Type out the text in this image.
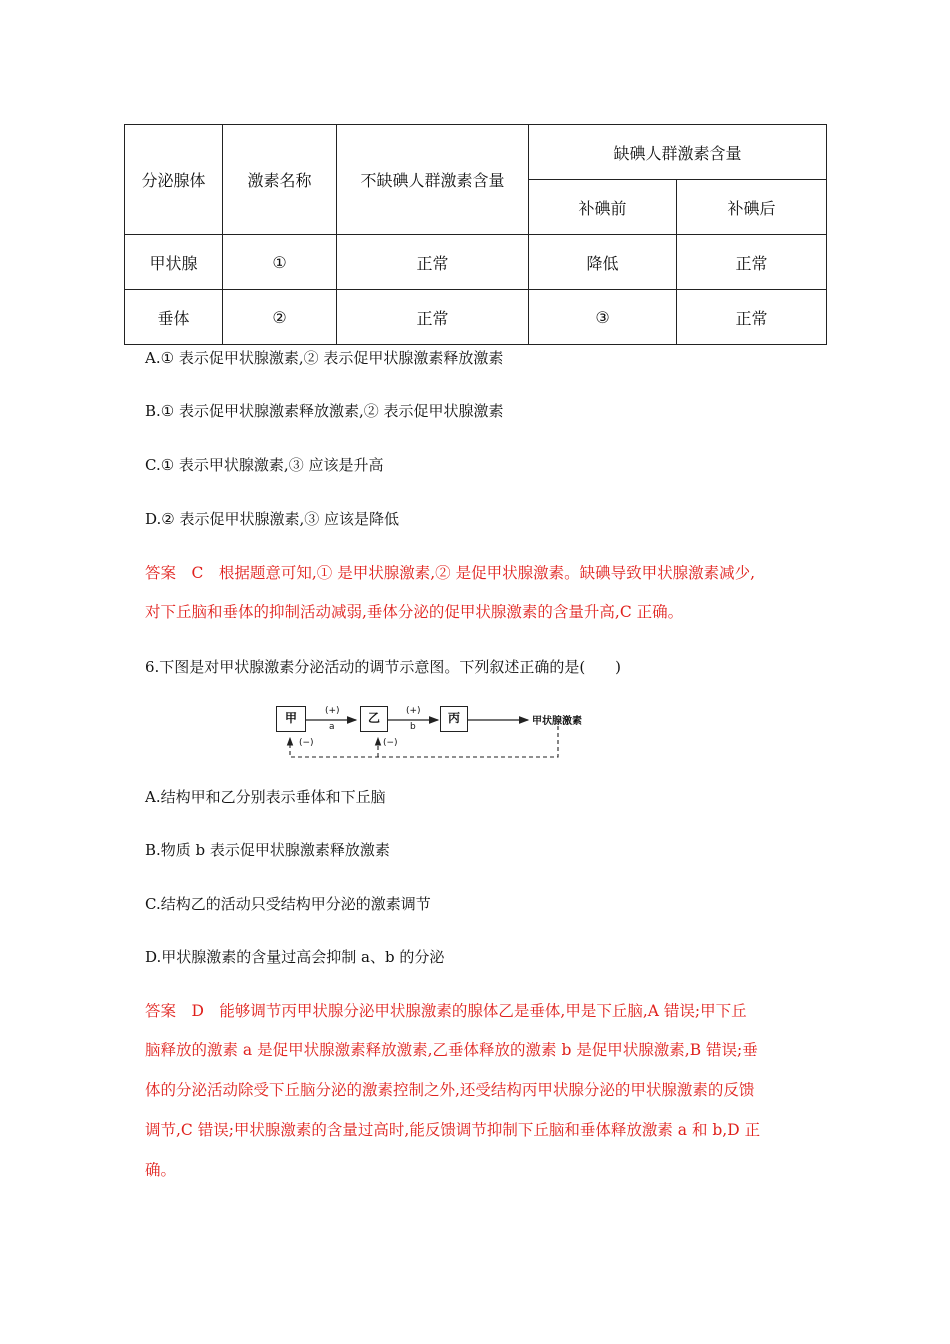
分泌腺体	激素名称	不缺碘人群激素含量	缺碘人群激素含量	
			补碘前	补碘后
甲状腺	①	正常	降低	正常
垂体	②	正常	③	正常
A.① 表示促甲状腺激素,② 表示促甲状腺激素释放激素
B.① 表示促甲状腺激素释放激素,② 表示促甲状腺激素
C.① 表示甲状腺激素,③ 应该是升高
D.② 表示促甲状腺激素,③ 应该是降低
答案　C　根据题意可知,① 是甲状腺激素,② 是促甲状腺激素。缺碘导致甲状腺激素减少,
对下丘脑和垂体的抑制活动减弱,垂体分泌的促甲状腺激素的含量升高,C 正确。
6.下图是对甲状腺激素分泌活动的调节示意图。下列叙述正确的是(　　)
甲	乙	丙	甲状腺激素
(+)
a
(+)
b
(−)	(−)
A.结构甲和乙分别表示垂体和下丘脑
B.物质 b 表示促甲状腺激素释放激素
C.结构乙的活动只受结构甲分泌的激素调节
D.甲状腺激素的含量过高会抑制 a、b 的分泌
答案　D　能够调节丙甲状腺分泌甲状腺激素的腺体乙是垂体,甲是下丘脑,A 错误;甲下丘
脑释放的激素 a 是促甲状腺激素释放激素,乙垂体释放的激素 b 是促甲状腺激素,B 错误;垂
体的分泌活动除受下丘脑分泌的激素控制之外,还受结构丙甲状腺分泌的甲状腺激素的反馈
调节,C 错误;甲状腺激素的含量过高时,能反馈调节抑制下丘脑和垂体释放激素 a 和 b,D 正
确。
